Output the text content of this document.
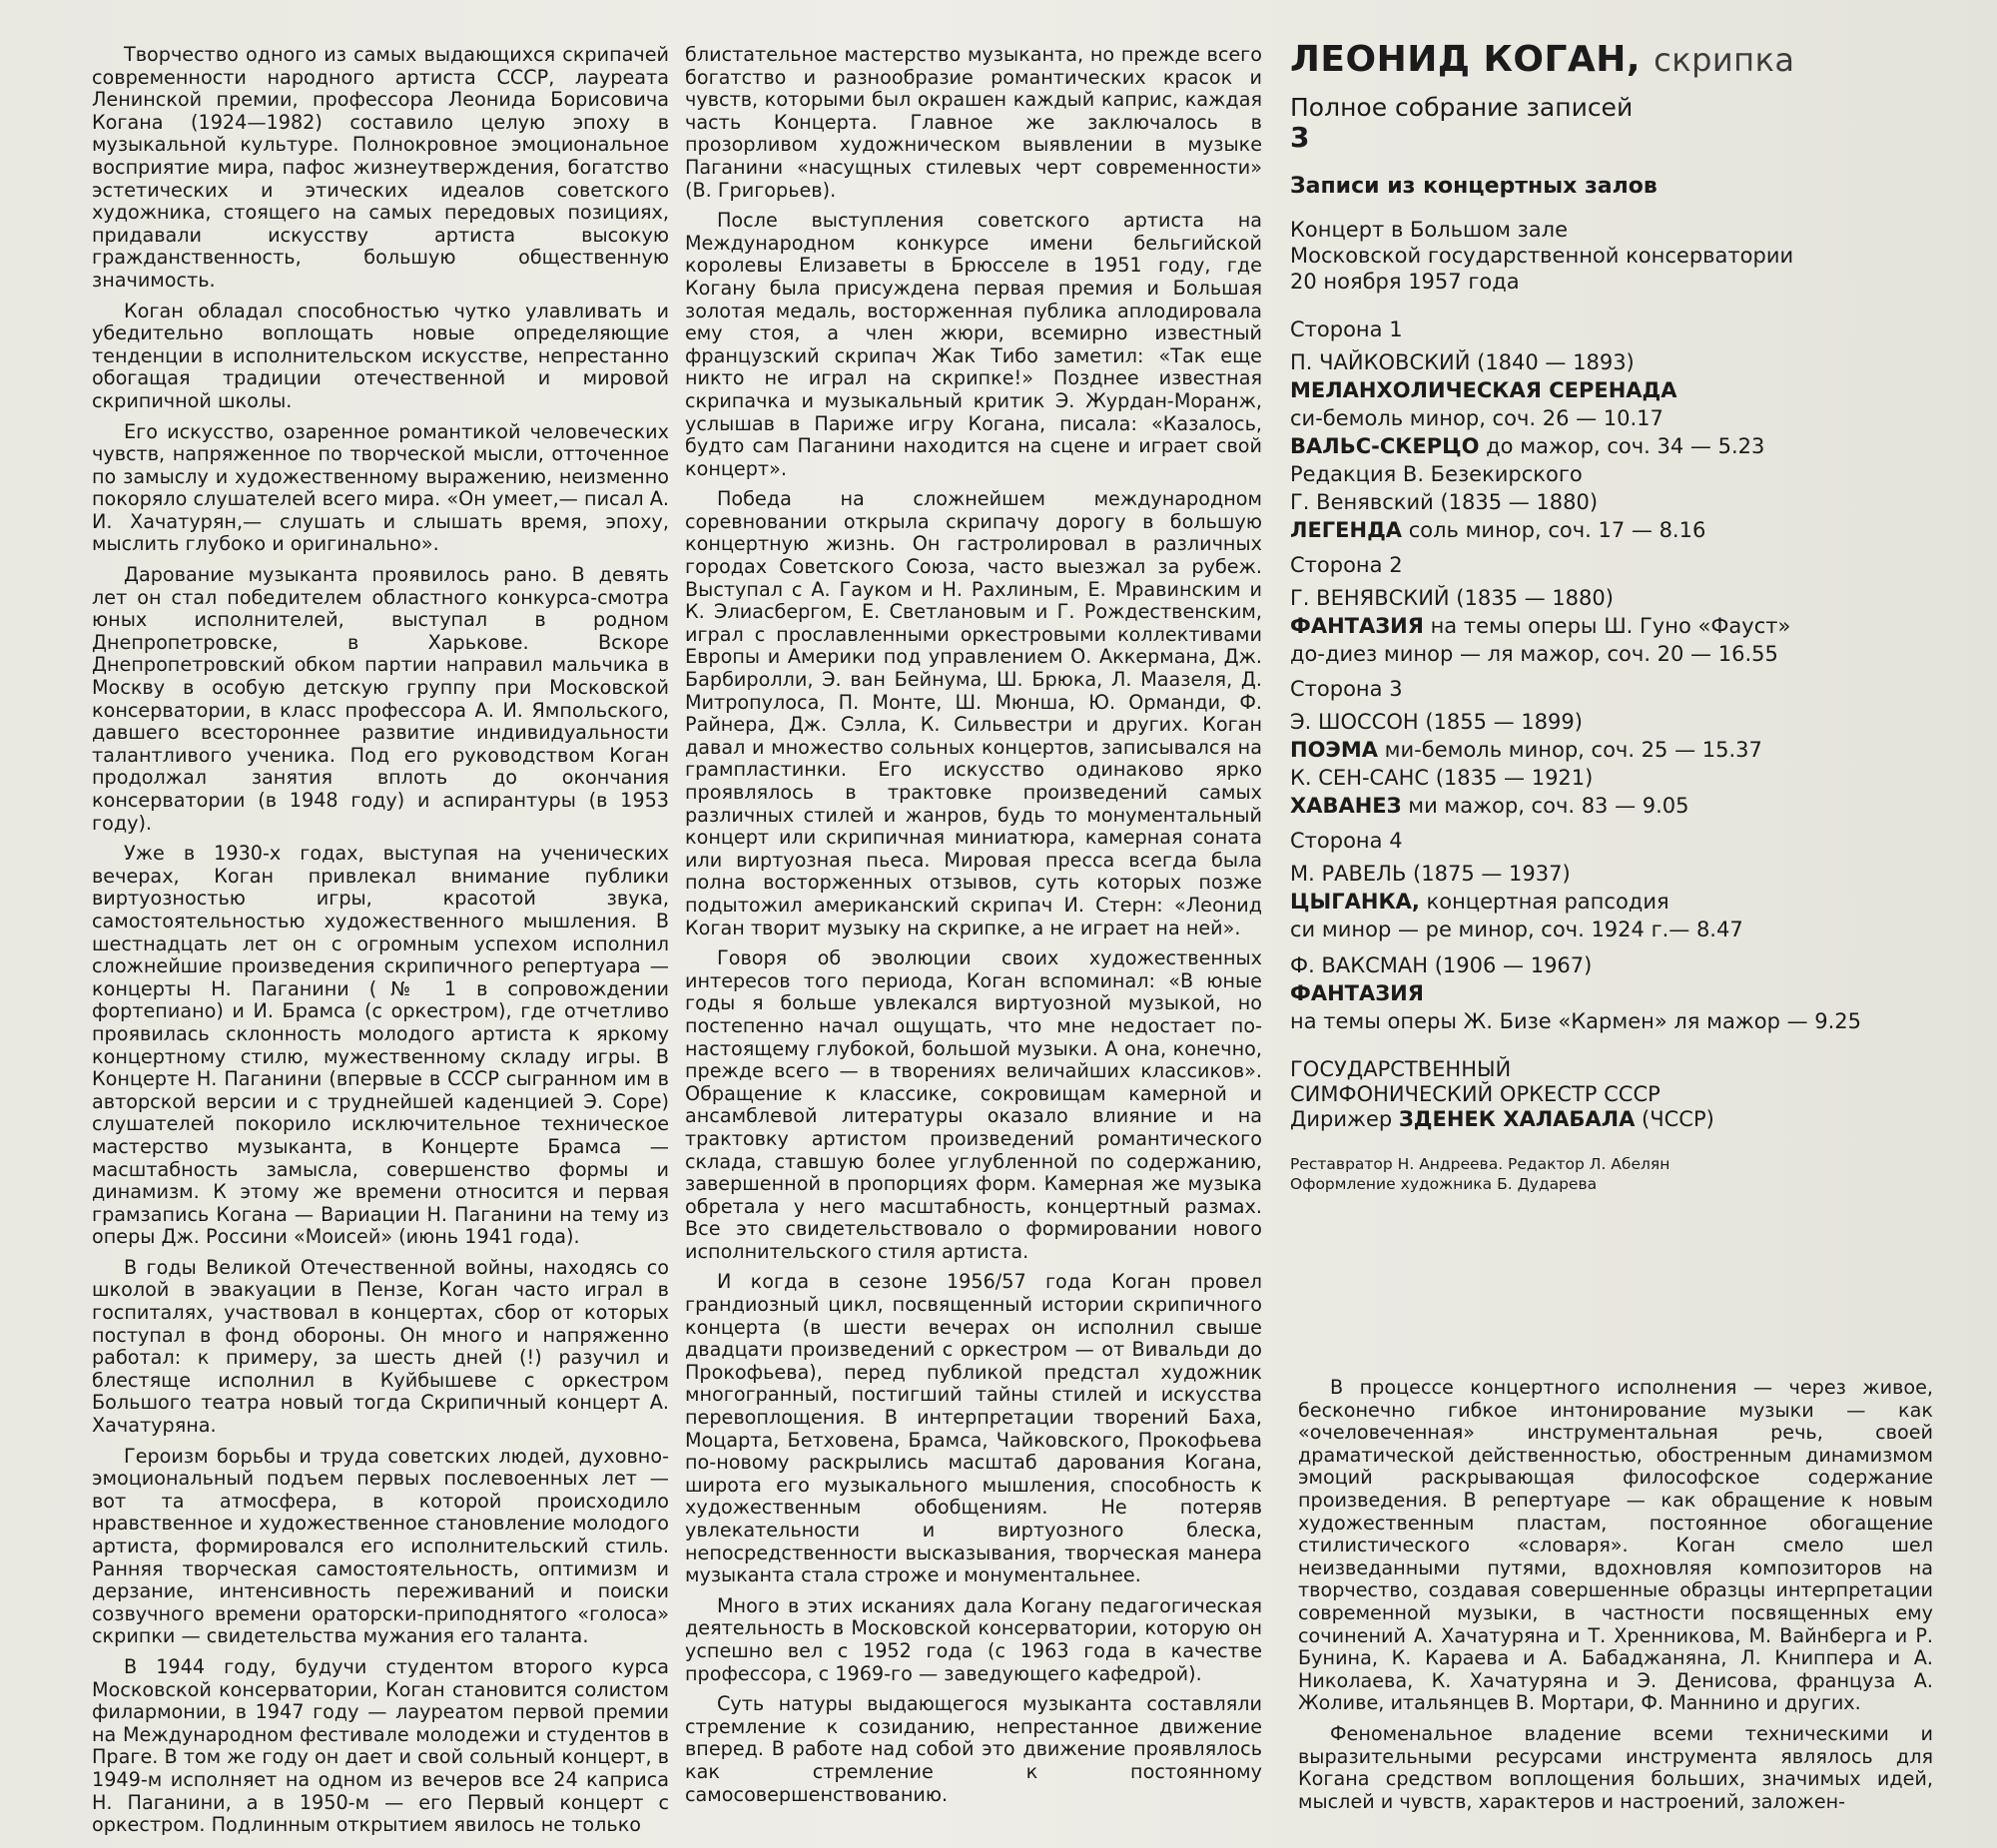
Творчество одного из самых выдающихся скрипачей современности народного артиста СССР, лауреата Ленинской премии, профессора Леонида Борисовича Когана (1924—1982) составило целую эпоху в музыкальной культуре. Полнокровное эмоциональное восприятие мира, пафос жизнеутверждения, богатство эстетических и этических идеалов советского художника, стоящего на самых передовых позициях, придавали искусству артиста высокую гражданственность, большую общественную значимость.

Коган обладал способностью чутко улавливать и убедительно воплощать новые определяющие тенденции в исполнительском искусстве, непрестанно обогащая традиции отечественной и мировой скрипичной школы.

Его искусство, озаренное романтикой человеческих чувств, напряженное по творческой мысли, отточенное по замыслу и художественному выражению, неизменно покоряло слушателей всего мира. «Он умеет,— писал А. И. Хачатурян,— слушать и слышать время, эпоху, мыслить глубоко и оригинально».

Дарование музыканта проявилось рано. В девять лет он стал победителем областного конкурса-смотра юных исполнителей, выступал в родном Днепропетровске, в Харькове. Вскоре Днепропетровский обком партии направил мальчика в Москву в особую детскую группу при Московской консерватории, в класс профессора А. И. Ямпольского, давшего всестороннее развитие индивидуальности талантливого ученика. Под его руководством Коган продолжал занятия вплоть до окончания консерватории (в 1948 году) и аспирантуры (в 1953 году).

Уже в 1930-х годах, выступая на ученических вечерах, Коган привлекал внимание публики виртуозностью игры, красотой звука, самостоятельностью художественного мышления. В шестнадцать лет он с огромным успехом исполнил сложнейшие произведения скрипичного репертуара — концерты Н. Паганини (№ 1 в сопровождении фортепиано) и И. Брамса (с оркестром), где отчетливо проявилась склонность молодого артиста к яркому концертному стилю, мужественному складу игры. В Концерте Н. Паганини (впервые в СССР сыгранном им в авторской версии и с труднейшей каденцией Э. Соре) слушателей покорило исключительное техническое мастерство музыканта, в Концерте Брамса — масштабность замысла, совершенство формы и динамизм. К этому же времени относится и первая грамзапись Когана — Вариации Н. Паганини на тему из оперы Дж. Россини «Моисей» (июнь 1941 года).

В годы Великой Отечественной войны, находясь со школой в эвакуации в Пензе, Коган часто играл в госпиталях, участвовал в концертах, сбор от которых поступал в фонд обороны. Он много и напряженно работал: к примеру, за шесть дней (!) разучил и блестяще исполнил в Куйбышеве с оркестром Большого театра новый тогда Скрипичный концерт А. Хачатуряна.

Героизм борьбы и труда советских людей, духовно-эмоциональный подъем первых послевоенных лет — вот та атмосфера, в которой происходило нравственное и художественное становление молодого артиста, формировался его исполнительский стиль. Ранняя творческая самостоятельность, оптимизм и дерзание, интенсивность переживаний и поиски созвучного времени ораторски-приподнятого «голоса» скрипки — свидетельства мужания его таланта.

В 1944 году, будучи студентом второго курса Московской консерватории, Коган становится солистом филармонии, в 1947 году — лауреатом первой премии на Международном фестивале молодежи и студентов в Праге. В том же году он дает и свой сольный концерт, в 1949-м исполняет на одном из вечеров все 24 каприса Н. Паганини, а в 1950-м — его Первый концерт с оркестром. Подлинным открытием явилось не только

блистательное мастерство музыканта, но прежде всего богатство и разнообразие романтических красок и чувств, которыми был окрашен каждый каприс, каждая часть Концерта. Главное же заключалось в прозорливом художническом выявлении в музыке Паганини «насущных стилевых черт современности» (В. Григорьев).

После выступления советского артиста на Международном конкурсе имени бельгийской королевы Елизаветы в Брюсселе в 1951 году, где Когану была присуждена первая премия и Большая золотая медаль, восторженная публика аплодировала ему стоя, а член жюри, всемирно известный французский скрипач Жак Тибо заметил: «Так еще никто не играл на скрипке!» Позднее известная скрипачка и музыкальный критик Э. Журдан-Моранж, услышав в Париже игру Когана, писала: «Казалось, будто сам Паганини находится на сцене и играет свой концерт».

Победа на сложнейшем международном соревновании открыла скрипачу дорогу в большую концертную жизнь. Он гастролировал в различных городах Советского Союза, часто выезжал за рубеж. Выступал с А. Гауком и Н. Рахлиным, Е. Мравинским и К. Элиасбергом, Е. Светлановым и Г. Рождественским, играл с прославленными оркестровыми коллективами Европы и Америки под управлением О. Аккермана, Дж. Барбиролли, Э. ван Бейнума, Ш. Брюка, Л. Маазеля, Д. Митропулоса, П. Монте, Ш. Мюнша, Ю. Орманди, Ф. Райнера, Дж. Сэлла, К. Сильвестри и других. Коган давал и множество сольных концертов, записывался на грампластинки. Его искусство одинаково ярко проявлялось в трактовке произведений самых различных стилей и жанров, будь то монументальный концерт или скрипичная миниатюра, камерная соната или виртуозная пьеса. Мировая пресса всегда была полна восторженных отзывов, суть которых позже подытожил американский скрипач И. Стерн: «Леонид Коган творит музыку на скрипке, а не играет на ней».

Говоря об эволюции своих художественных интересов того периода, Коган вспоминал: «В юные годы я больше увлекался виртуозной музыкой, но постепенно начал ощущать, что мне недостает по-настоящему глубокой, большой музыки. А она, конечно, прежде всего — в творениях величайших классиков». Обращение к классике, сокровищам камерной и ансамблевой литературы оказало влияние и на трактовку артистом произведений романтического склада, ставшую более углубленной по содержанию, завершенной в пропорциях форм. Камерная же музыка обретала у него масштабность, концертный размах. Все это свидетельствовало о формировании нового исполнительского стиля артиста.

И когда в сезоне 1956/57 года Коган провел грандиозный цикл, посвященный истории скрипичного концерта (в шести вечерах он исполнил свыше двадцати произведений с оркестром — от Вивальди до Прокофьева), перед публикой предстал художник многогранный, постигший тайны стилей и искусства перевоплощения. В интерпретации творений Баха, Моцарта, Бетховена, Брамса, Чайковского, Прокофьева по-новому раскрылись масштаб дарования Когана, широта его музыкального мышления, способность к художественным обобщениям. Не потеряв увлекательности и виртуозного блеска, непосредственности высказывания, творческая манера музыканта стала строже и монументальнее.

Много в этих исканиях дала Когану педагогическая деятельность в Московской консерватории, которую он успешно вел с 1952 года (с 1963 года в качестве профессора, с 1969-го — заведующего кафедрой).

Суть натуры выдающегося музыканта составляли стремление к созиданию, непрестанное движение вперед. В работе над собой это движение проявлялось как стремление к постоянному самосовершенствованию.

ЛЕОНИД КОГАН, скрипка
Полное собрание записей
3
Записи из концертных залов
Концерт в Большом зале
Московской государственной консерватории
20 ноября 1957 года
Сторона 1
П. ЧАЙКОВСКИЙ (1840 — 1893)
МЕЛАНХОЛИЧЕСКАЯ СЕРЕНАДА
си-бемоль минор, соч. 26 — 10.17
ВАЛЬС-СКЕРЦО до мажор, соч. 34 — 5.23
Редакция В. Безекирского
Г. Венявский (1835 — 1880)
ЛЕГЕНДА соль минор, соч. 17 — 8.16
Сторона 2
Г. ВЕНЯВСКИЙ (1835 — 1880)
ФАНТАЗИЯ на темы оперы Ш. Гуно «Фауст»
до-диез минор — ля мажор, соч. 20 — 16.55
Сторона 3
Э. ШОССОН (1855 — 1899)
ПОЭМА ми-бемоль минор, соч. 25 — 15.37
К. СЕН-САНС (1835 — 1921)
ХАВАНЕЗ ми мажор, соч. 83 — 9.05
Сторона 4
М. РАВЕЛЬ (1875 — 1937)
ЦЫГАНКА, концертная рапсодия
си минор — ре минор, соч. 1924 г.— 8.47
Ф. ВАКСМАН (1906 — 1967)
ФАНТАЗИЯ
на темы оперы Ж. Бизе «Кармен» ля мажор — 9.25
ГОСУДАРСТВЕННЫЙ
СИМФОНИЧЕСКИЙ ОРКЕСТР СССР
Дирижер ЗДЕНЕК ХАЛАБАЛА (ЧССР)
Реставратор Н. Андреева. Редактор Л. Абелян
Оформление художника Б. Дударева

В процессе концертного исполнения — через живое, бесконечно гибкое интонирование музыки — как «очеловеченная» инструментальная речь, своей драматической действенностью, обостренным динамизмом эмоций раскрывающая философское содержание произведения. В репертуаре — как обращение к новым художественным пластам, постоянное обогащение стилистического «словаря». Коган смело шел неизведанными путями, вдохновляя композиторов на творчество, создавая совершенные образцы интерпретации современной музыки, в частности посвященных ему сочинений А. Хачатуряна и Т. Хренникова, М. Вайнберга и Р. Бунина, К. Караева и А. Бабаджаняна, Л. Книппера и А. Николаева, К. Хачатуряна и Э. Денисова, француза А. Жоливе, итальянцев В. Мортари, Ф. Маннино и других.

Феноменальное владение всеми техническими и выразительными ресурсами инструмента являлось для Когана средством воплощения больших, значимых идей, мыслей и чувств, характеров и настроений, заложен-
